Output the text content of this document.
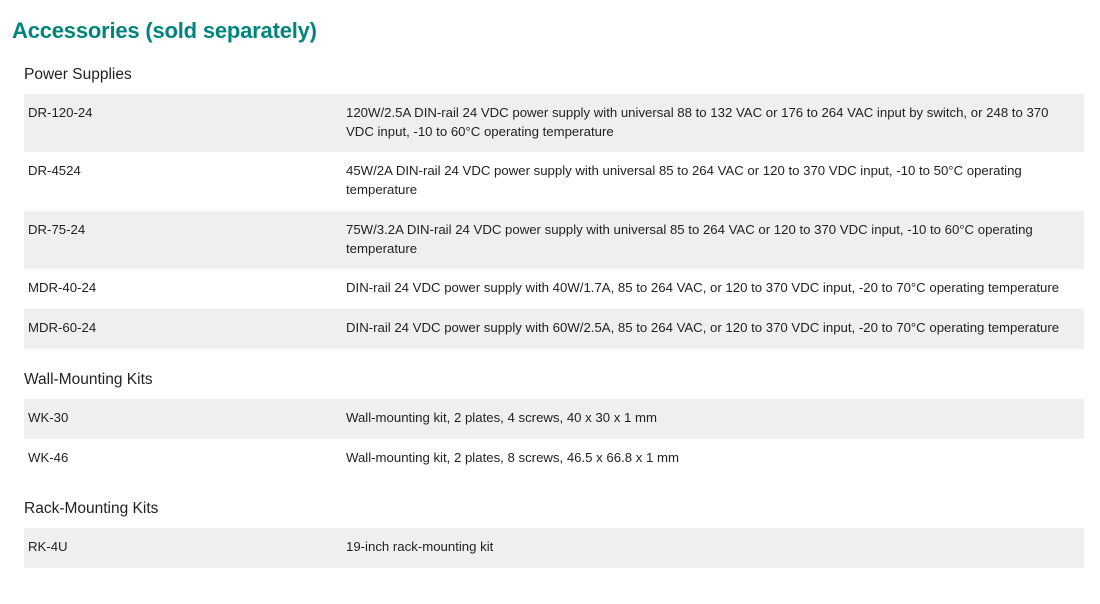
Accessories (sold separately)
Power Supplies
DR-120-24	120W/2.5A DIN-rail 24 VDC power supply with universal 88 to 132 VAC or 176 to 264 VAC input by switch, or 248 to 370 VDC input, -10 to 60°C operating temperature
DR-4524	45W/2A DIN-rail 24 VDC power supply with universal 85 to 264 VAC or 120 to 370 VDC input, -10 to 50°C operating temperature
DR-75-24	75W/3.2A DIN-rail 24 VDC power supply with universal 85 to 264 VAC or 120 to 370 VDC input, -10 to 60°C operating temperature
MDR-40-24	DIN-rail 24 VDC power supply with 40W/1.7A, 85 to 264 VAC, or 120 to 370 VDC input, -20 to 70°C operating temperature
MDR-60-24	DIN-rail 24 VDC power supply with 60W/2.5A, 85 to 264 VAC, or 120 to 370 VDC input, -20 to 70°C operating temperature
Wall-Mounting Kits
WK-30	Wall-mounting kit, 2 plates, 4 screws, 40 x 30 x 1 mm
WK-46	Wall-mounting kit, 2 plates, 8 screws, 46.5 x 66.8 x 1 mm
Rack-Mounting Kits
RK-4U	19-inch rack-mounting kit
